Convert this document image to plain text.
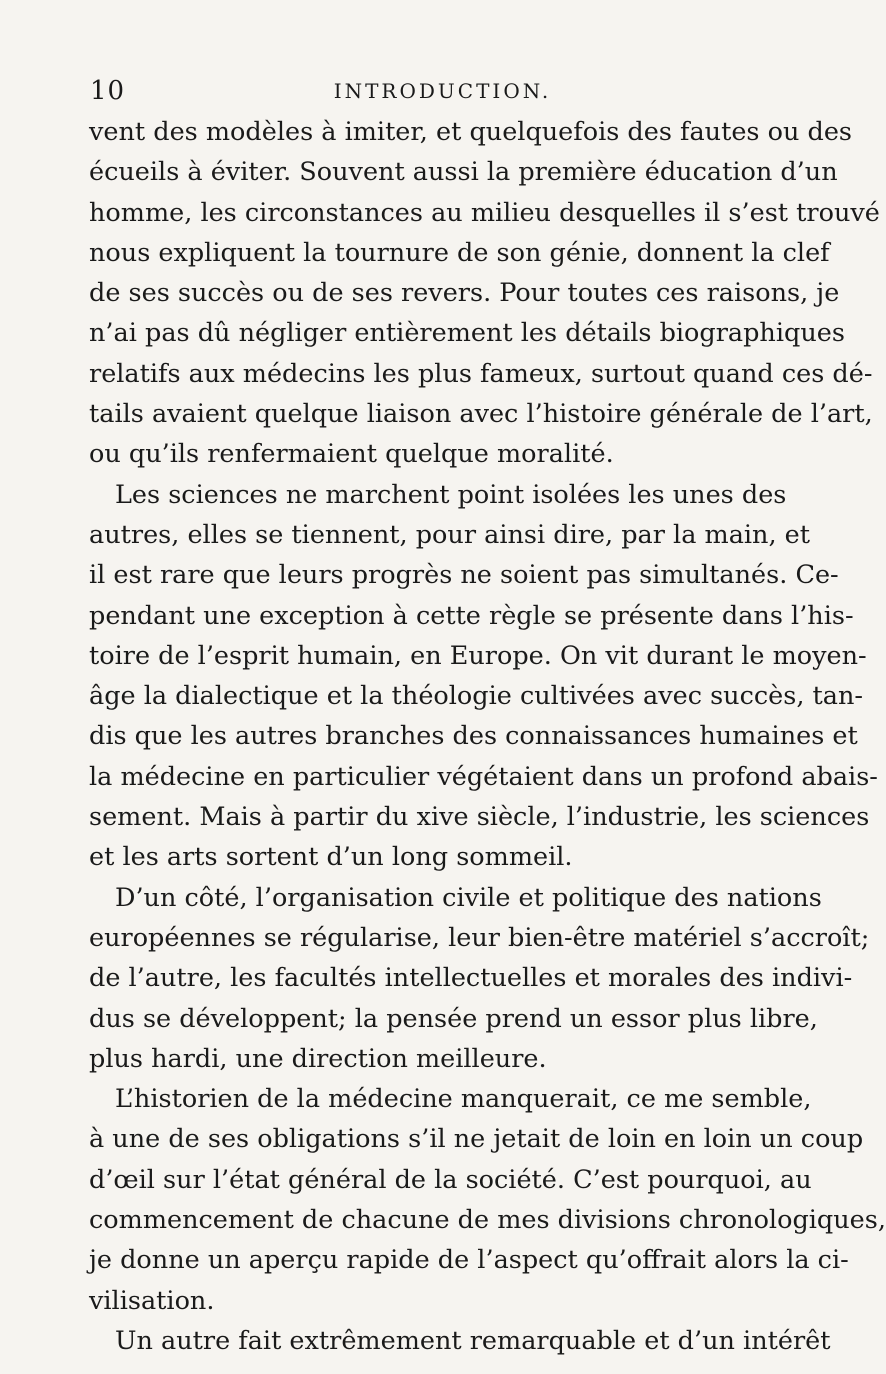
10	INTRODUCTION.
vent des modèles à imiter, et quelquefois des fautes ou des
écueils à éviter. Souvent aussi la première éducation d’un
homme, les circonstances au milieu desquelles il s’est trouvé
nous expliquent la tournure de son génie, donnent la clef
de ses succès ou de ses revers. Pour toutes ces raisons, je
n’ai pas dû négliger entièrement les détails biographiques
relatifs aux médecins les plus fameux, surtout quand ces dé-
tails avaient quelque liaison avec l’histoire générale de l’art,
ou qu’ils renfermaient quelque moralité.
Les sciences ne marchent point isolées les unes des
autres, elles se tiennent, pour ainsi dire, par la main, et
il est rare que leurs progrès ne soient pas simultanés. Ce-
pendant une exception à cette règle se présente dans l’his-
toire de l’esprit humain, en Europe. On vit durant le moyen-
âge la dialectique et la théologie cultivées avec succès, tan-
dis que les autres branches des connaissances humaines et
la médecine en particulier végétaient dans un profond abais-
sement. Mais à partir du xive siècle, l’industrie, les sciences
et les arts sortent d’un long sommeil.
D’un côté, l’organisation civile et politique des nations
européennes se régularise, leur bien-être matériel s’accroît;
de l’autre, les facultés intellectuelles et morales des indivi-
dus se développent; la pensée prend un essor plus libre,
plus hardi, une direction meilleure.
L’historien de la médecine manquerait, ce me semble,
à une de ses obligations s’il ne jetait de loin en loin un coup
d’œil sur l’état général de la société. C’est pourquoi, au
commencement de chacune de mes divisions chronologiques,
je donne un aperçu rapide de l’aspect qu’offrait alors la ci-
vilisation.
Un autre fait extrêmement remarquable et d’un intérêt
